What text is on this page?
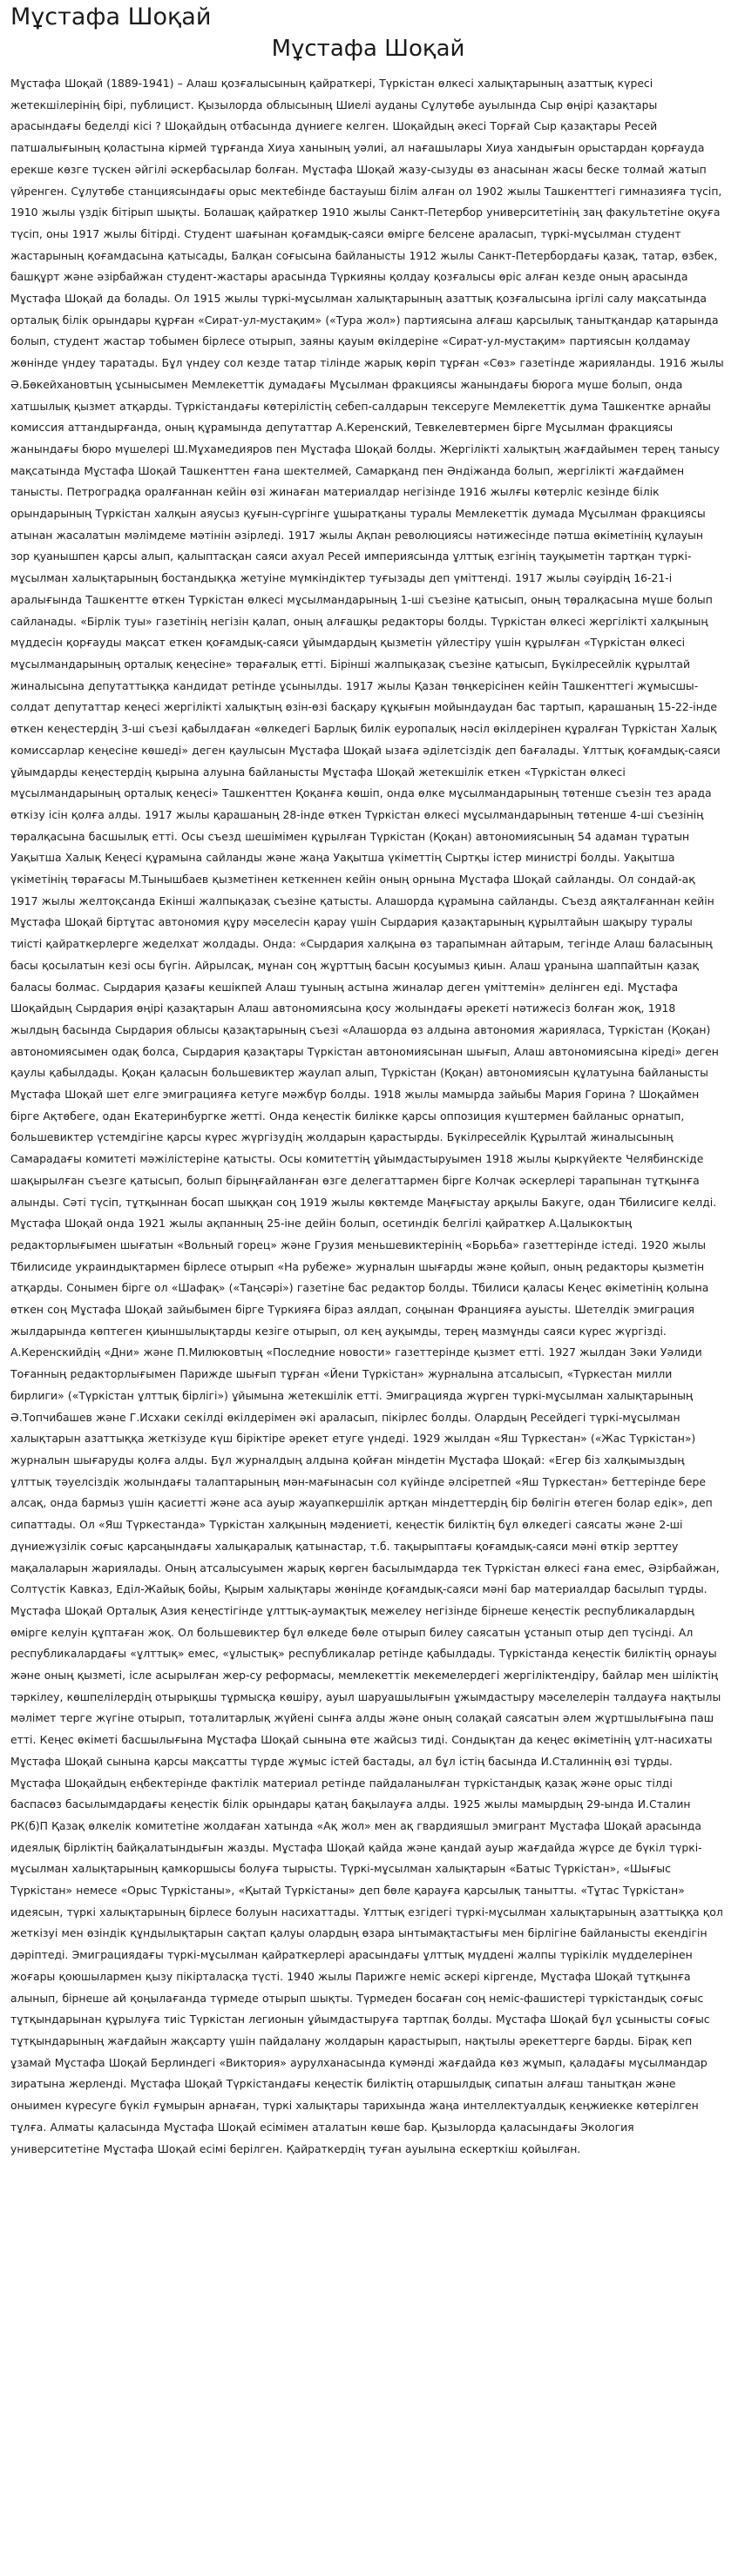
Мұстафа Шоқай
Мұстафа Шоқай

Мұстафа Шоқай (1889-1941) – Алаш қозғалысының қайраткері, Түркістан өлкесі халықтарының азаттық күресі жетекшілерінің бірі, публицист. Қызылорда облысының Шиелі ауданы Сұлутөбе ауылында Сыр өңірі қазақтары арасындағы беделді кісі ? Шоқайдың отбасында дүниеге келген. Шоқайдың әкесі Торғай Сыр қазақтары Ресей патшалығының қоластына кірмей тұрғанда Хиуа ханының уәлиі, ал нағашылары Хиуа хандығын орыстардан қорғауда ерекше көзге түскен әйгілі әскербасылар болған. Мұстафа Шоқай жазу-сызуды өз анасынан жасы бескe толмай жатып үйренген. Сұлутөбе станциясындағы орыс мектебінде бастауыш білім алған ол 1902 жылы Ташкенттегі гимназияға түсіп, 1910 жылы үздік бітірып шықты. Болашақ қайраткер 1910 жылы Санкт-Петербор университетінің заң факультетіне оқуға түсіп, оны 1917 жылы бітірді. Студент шағынан қоғамдық-саяси өмірге белсене араласып, түркі-мұсылман студент жастарының қоғамдасына қатысады, Балқан соғысына байланысты 1912 жылы Санкт-Петербордағы қазақ, татар, өзбек, башқұрт және әзірбайжан студент-жастары арасында Түркияны қолдау қозғалысы өріс алған кезде оның арасында Мұстафа Шоқай да болады. Ол 1915 жылы түркі-мұсылман халықтарының азаттық қозғалысына іргілі салу мақсатында орталық білік орындары құрған «Сират-ул-мустақим» («Тура жол») партиясына алғаш қарсылық танытқандар қатарында болып, студент жастар тобымен бірлесе отырып, заяны қауым өкілдеріне «Сират-ул-мустақим» партиясын қолдамау жөнінде үндеу таратады. Бұл үндеу сол кезде татар тілінде жарық көріп тұрған «Сөз» газетінде жарияланды. 1916 жылы Ә.Бөкейхановтың ұсынысымен Мемлекеттік думадағы Мұсылман фракциясы жанындағы бюрога мүше болып, онда хатшылық қызмет атқарды. Түркістандағы көтерілістің себеп-салдарын тексеруге Мемлекеттік дума Ташкентке арнайы комиссия аттандырғанда, оның құрамында депутаттар А.Керенский, Тевкелевтермен бірге Мұсылман фракциясы жанындағы бюро мүшелері Ш.Мұхамедияров пен Мұстафа Шоқай болды. Жергілікті халықтың жағдайымен терең танысу мақсатында Мұстафа Шоқай Ташкенттен ғана шектелмей, Самарқанд пен Әндіжанда болып, жергілікті жағдаймен танысты. Петроградқа оралғаннан кейін өзі жинаған материалдар негізінде 1916 жылғы көтерліс кезінде білік орындарының Түркістан халқын аяусыз қуғын-сүргінге ұшыратқаны туралы Мемлекеттік думада Мұсылман фракциясы атынан жасалатын мәлімдеме мәтінін әзірледі. 1917 жылы Ақпан революциясы нәтижесінде пәтша өкіметінің құлауын зор қуанышпен қарсы алып, қалыптасқан саяси ахуал Ресей империясында ұлттық езгінің тауқыметін тартқан түркі-мұсылман халықтарының бостандыққа жетуіне мүмкіндіктер туғызады деп үміттенді. 1917 жылы сәуірдің 16-21-і аралығында Ташкентте өткен Түркістан өлкесі мұсылмандарының 1-ші съезіне қатысып, оның төралқасына мүше болып сайланады. «Бірлік туы» газетінің негізін қалап, оның алғашқы редакторы болды. Түркістан өлкесі жергілікті халқының мүддесін қорғауды мақсат еткен қоғамдық-саяси ұйымдардың қызметін үйлестіру үшін құрылған «Түркістан өлкесі мұсылмандарының орталық кеңесіне» төрағалық етті. Бірінші жалпықазақ съезіне қатысып, Бүкілресейлік құрылтай жиналысына депутаттыққа кандидат ретінде ұсынылды. 1917 жылы Қазан төңкерісінен кейін Ташкенттегі жұмысшы-солдат депутаттар кеңесі жергілікті халықтың өзін-өзі басқару құқығын мойындаудан бас тартып, қарашаның 15-22-інде өткен кеңестердің 3-ші съезі қабылдаған «өлкедегі Барлық билік еуропалық нәсіл өкілдерінен құралған Түркістан Халық комиссарлар кеңесіне көшеді» деген қаулысын Мұстафа Шоқай ызаға әділетсіздік деп бағалады. Ұлттық қоғамдық-саяси ұйымдарды кеңестердің қырына алуына байланысты Мұстафа Шоқай жетекшілік еткен «Түркістан өлкесі мұсылмандарының орталық кеңесі» Ташкенттен Қоқанға көшіп, онда өлке мұсылмандарының төтенше съезін тез арада өткізу ісін қолға алды. 1917 жылы қарашаның 28-інде өткен Түркістан өлкесі мұсылмандарының төтенше 4-ші съезінің төралқасына басшылық етті. Осы съезд шешімімен құрылған Түркістан (Қоқан) автономиясының 54 адаман тұратын Уақытша Халық Кеңесі құрамына сайланды және жаңа Уақытша үкіметтің Сыртқы істер министрі болды. Уақытша үкіметінің төрағасы М.Тынышбаев қызметінен кеткеннен кейін оның орнына Мұстафа Шоқай сайланды. Ол сондай-ақ 1917 жылы желтоқсанда Екінші жалпықазақ съезіне қатысты. Алашорда құрамына сайланды. Съезд аяқталғаннан кейін Мұстафа Шоқай біртұтас автономия құру мәселесін қарау үшін Сырдария қазақтарының құрылтайын шақыру туралы тиісті қайраткерлерге жеделхат жолдады. Онда: «Сырдария халқына өз тарапымнан айтарым, тегінде Алаш баласының басы қосылатын кезі осы бүгін. Айрылсақ, мұнан соң жұрттың басын қосуымыз қиын. Алаш ұранына шаппайтын қазақ баласы болмас. Сырдария қазағы кешікпей Алаш туының астына жиналар деген үміттемін» делінген еді. Мұстафа Шоқайдың Сырдария өңірі қазақтарын Алаш автономиясына қосу жолындағы әрекеті нәтижесіз болған жоқ, 1918 жылдың басында Сырдария облысы қазақтарының съезі «Алашорда өз алдына автономия жарияласа, Түркістан (Қоқан) автономиясымен одақ болса, Сырдария қазақтары Түркістан автономиясынан шығып, Алаш автономиясына кіреді» деген қаулы қабылдады. Қоқан қаласын большевиктер жаулап алып, Түркістан (Қоқан) автономиясын құлатуына байланысты Мұстафа Шоқай шет елге эмиграцияға кетуге мәжбүр болды. 1918 жылы мамырда зайыбы Мария Горина ? Шоқаймен бірге Ақтөбеге, одан Екатеринбургке жетті. Онда кеңестік билікке қарсы оппозиция күштермен байланыс орнатып, большевиктер үстемдігіне қарсы күрес жүргізудің жолдарын қарастырды. Бүкілресейлік Құрылтай жиналысының Самарадағы комитеті мәжілістеріне қатысты. Осы комитеттің ұйымдастыруымен 1918 жылы қыркүйекте Челябинскіде шақырылған съезге қатысып, болып бірыңғайланған өзге делегаттармен бірге Колчак әскерлері тарапынан тұтқынға алынды. Сәті түсіп, тұтқыннан босап шыққан соң 1919 жылы көктемде Маңғыстау арқылы Бакуге, одан Тбилисиге келді. Мұстафа Шоқай онда 1921 жылы ақпанның 25-іне дейін болып, осетиндік белгілі қайраткер А.Цалыкоктың редакторлығымен шығатын «Вольный горец» және Грузия меньшевиктерінің «Борьба» газеттерінде істеді. 1920 жылы Тбилисиде украиндықтармен бірлесе отырып «На рубеже» журналын шығарды және қойып, оның редакторы қызметін атқарды. Сонымен бірге ол «Шафақ» («Таңсәрі») газетіне бас редактор болды. Тбилиси қаласы Кеңес өкіметінің қолына өткен соң Мұстафа Шоқай зайыбымен бірге Түркияға біраз аялдап, соңынан Францияға ауысты. Шетелдік эмиграция жылдарында көптеген қиыншылықтарды кезіге отырып, ол кең ауқымды, терең мазмұнды саяси күрес жүргізді. А.Керенскийдің «Дни» және П.Милюковтың «Последние новости» газеттерінде қызмет етті. 1927 жылдан Зәки Уәлиди Тоғанның редакторлығымен Парижде шығып тұрған «Йени Түркістан» журналына атсалысып, «Түркестан милли бирлиги» («Түркістан ұлттық бірлігі») ұйымына жетекшілік етті. Эмиграцияда жүрген түркі-мұсылман халықтарының Ә.Топчибашев және Г.Исхаки секілді өкілдерімен әкі араласып, пікірлес болды. Олардың Ресейдегі түркі-мұсылман халықтарын азаттыққа жеткізуде күш біріктіре әрекет етуге үндеді. 1929 жылдан «Яш Түркестан» («Жас Түркістан») журналын шығаруды қолға алды. Бұл журналдың алдына қойған міндетін Мұстафа Шоқай: «Егер біз халқымыздың ұлттық тәуелсіздік жолындағы талаптарының мән-мағынасын сол күйінде әлсіретпей «Яш Түркестан» беттерінде бере алсақ, онда бармыз үшін қасиетті және аса ауыр жауапкершілік артқан міндеттердің бір бөлігін өтеген болар едік», деп сипаттады. Ол «Яш Түркестанда» Түркістан халқының мәдениеті, кеңестік биліктің бұл өлкедегі саясаты және 2-ші дүниежүзілік соғыс қарсаңындағы халықаралық қатынастар, т.б. тақырыптағы қоғамдық-саяси мәні өткір зерттеу мақалаларын жариялады. Оның атсалысуымен жарық көрген басылымдарда тек Түркістан өлкесі ғана емес, Әзірбайжан, Солтүстік Кавказ, Еділ-Жайық бойы, Қырым халықтары жөнінде қоғамдық-саяси мәні бар материалдар басылып тұрды. Мұстафа Шоқай Орталық Азия кеңестігінде ұлттық-аумақтық межелеу негізінде бірнеше кеңестік республикалардың өмірге келуін құптаған жоқ. Ол большевиктер бұл өлкеде бөле отырып билеу саясатын ұстанып отыр деп түсінді. Ал республикалардағы «ұлттық» емес, «ұлыстық» республикалар ретінде қабылдады. Түркістанда кеңестік биліктің орнауы және оның қызметі, ісле асырылған жер-су реформасы, мемлекеттік мекемелердегі жергіліктендіру, байлар мен шіліктің тәркілеу, көшпелілердің отырықшы тұрмысқа көшіру, ауыл шаруашылығын ұжымдастыру мәселелерін талдауға нақтылы мәлімет терге жүгіне отырып, тоталитарлық жүйені сынға алды және оның солақай саясатын әлем жұртшылығына паш етті. Кеңес өкіметі басшылығына Мұстафа Шоқай сынына өте жайсыз тиді. Сондықтан да кеңес өкіметінің ұлт-насихаты Мұстафа Шоқай сынына қарсы мақсатты түрде жұмыс істей бастады, ал бұл істің басында И.Сталиннің өзі тұрды. Мұстафа Шоқайдың еңбектерінде фактілік материал ретінде пайдаланылған түркістандық қазақ және орыс тілді баспасөз басылымдардағы кеңестік білік орындары қатаң бақылауға алды. 1925 жылы мамырдың 29-ында И.Сталин РК(б)П Қазақ өлкелік комитетіне жолдаған хатында «Ақ жол» мен ақ гвардияшыл эмигрант Мұстафа Шоқай арасында идеялық бірліктің байқалатындығын жазды. Мұстафа Шоқай қайда және қандай ауыр жағдайда жүрсе де бүкіл түркі-мұсылман халықтарының қамкоршысы болуға тырысты. Түркі-мұсылман халықтарын «Батыс Түркістан», «Шығыс Түркістан» немесе «Орыс Түркістаны», «Қытай Түркістаны» деп бөле қарауға қарсылық танытты. «Тұтас Түркістан» идеясын, түркі халықтарының бірлесе болуын насихаттады. Ұлттық езгідегі түркі-мұсылман халықтарының азаттыққа қол жеткізуі мен өзіндік құндылықтарын сақтап қалуы олардың өзара ынтымақтастығы мен бірлігіне байланысты екендігін дәріптеді. Эмиграциядағы түркі-мұсылман қайраткерлері арасындағы ұлттық мүддені жалпы түрікілік мүдделерінен жоғары қоюшылармен қызу пікірталасқа түсті. 1940 жылы Парижге неміс әскері кіргенде, Мұстафа Шоқай тұтқынға алынып, бірнеше ай қоңылағанда түрмеде отырып шықты. Түрмеден босаған соң неміс-фашистері түркістандық соғыс тұтқындарынан құрылуға тиіс Түркістан легионын ұйымдастыруға тартпақ болды. Мұстафа Шоқай бұл ұсынысты соғыс тұтқындарының жағдайын жақсарту үшін пайдалану жолдарын қарастырып, нақтылы әрекеттерге барды. Бірақ кеп ұзамай Мұстафа Шоқай Берлиндегі «Виктория» аурулханасында күмәнді жағдайда көз жұмып, қаладағы мұсылмандар зиратына жерленді. Мұстафа Шоқай Түркістандағы кеңестік биліктің отаршылдық сипатын алғаш танытқан және оныимен күресуге бүкіл ғұмырын арнаған, түркі халықтары тарихында жаңа интеллектуалдық кеңжиекке көтерілген тұлға. Алматы қаласында Мұстафа Шоқай есімімен аталатын көше бар. Қызылорда қаласындағы Экология университетіне Мұстафа Шоқай есімі берілген. Қайраткердің туған ауылына ескерткіш қойылған.
